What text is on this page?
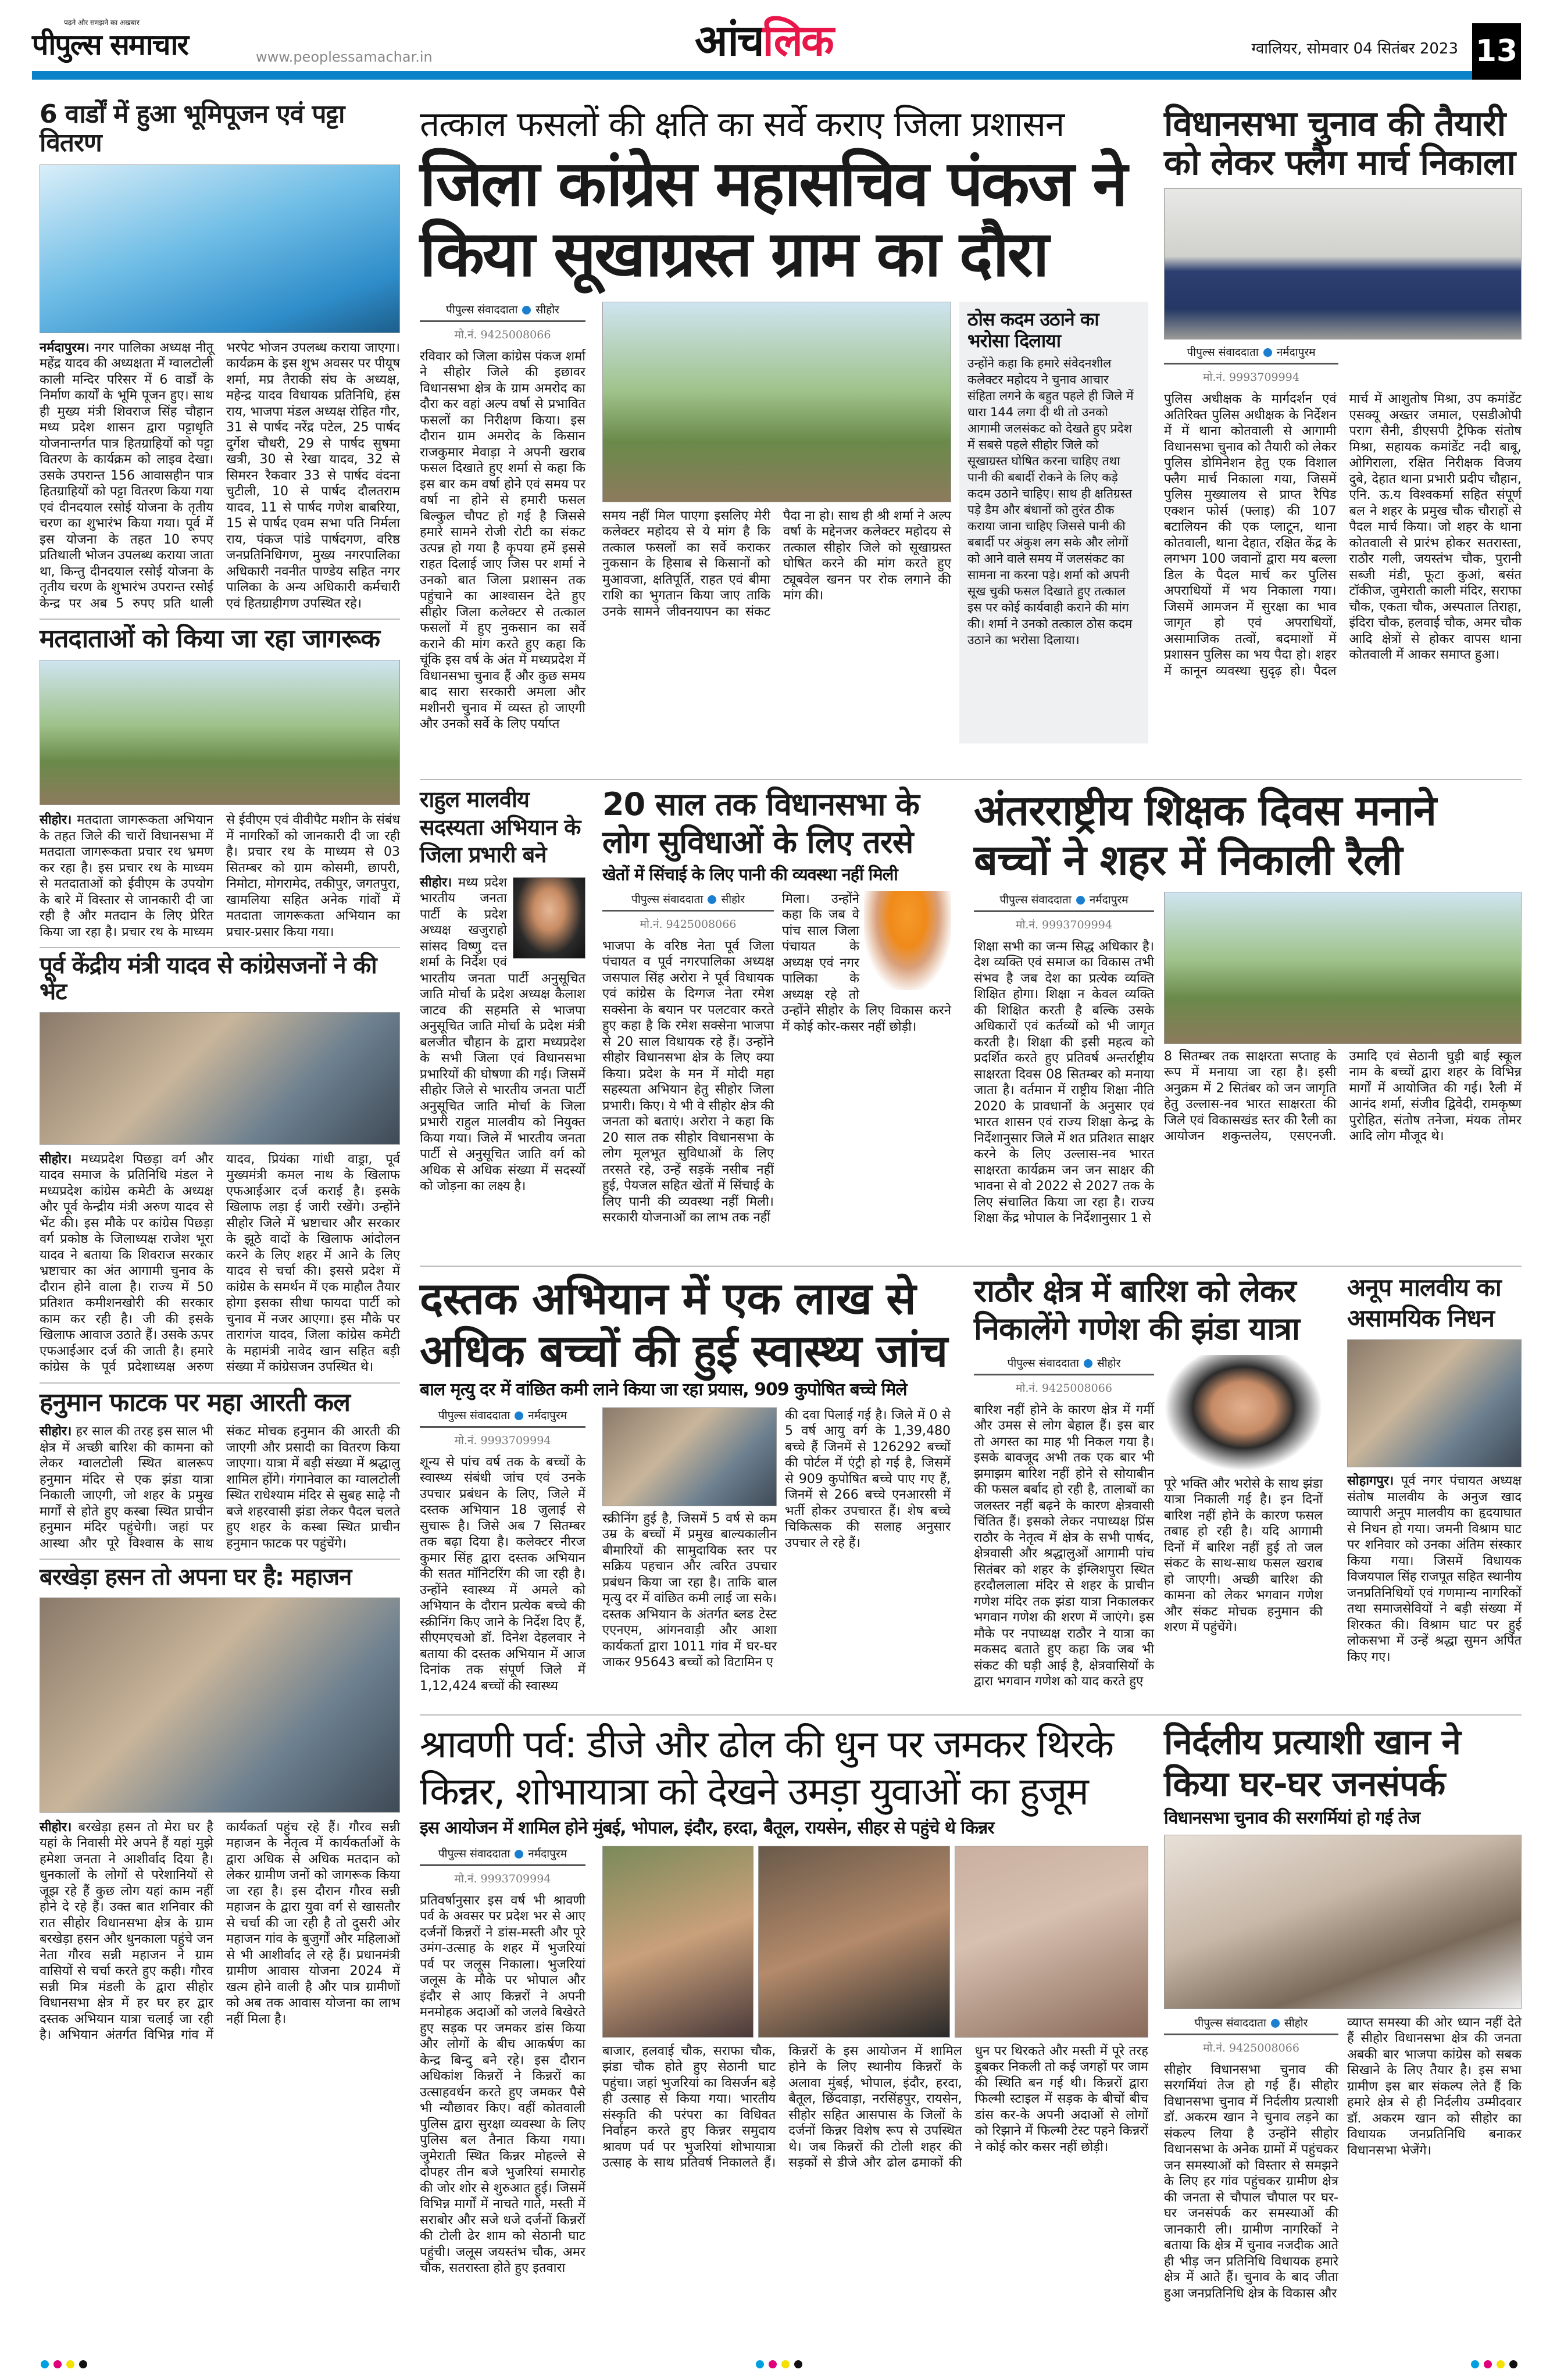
पढ़ने और समझने का अखबार
पीपुल्स समाचार	www.peoplessamachar.in	आंचलिक	ग्वालियर, सोमवार 04 सितंबर 2023 13
6 वार्डों में हुआ भूमिपूजन एवं पट्टा वितरण
नर्मदापुरम। नगर पालिका अध्यक्ष नीतू महेंद्र यादव की अध्यक्षता में ग्वालटोली काली मन्दिर परिसर में 6 वार्डों के निर्माण कार्यों के भूमि पूजन हुए। साथ ही मुख्य मंत्री शिवराज सिंह चौहान मध्य प्रदेश शासन द्वारा पट्टाधृति योजनान्तर्गत पात्र हितग्राहियों को पट्टा वितरण के कार्यक्रम को लाइव देखा। उसके उपरान्त 156 आवासहीन पात्र हितग्राहियों को पट्टा वितरण किया गया एवं दीनदयाल रसोई योजना के तृतीय चरण का शुभारंभ किया गया। पूर्व में इस योजना के तहत 10 रुपए प्रतिथाली भोजन उपलब्ध कराया जाता था, किन्तु दीनदयाल रसोई योजना के तृतीय चरण के शुभारंभ उपरान्त रसोई केन्द्र पर अब 5 रुपए प्रति थाली भरपेट भोजन उपलब्ध कराया जाएगा। कार्यक्रम के इस शुभ अवसर पर पीयूष शर्मा, मप्र तैराकी संघ के अध्यक्ष, महेन्द्र यादव विधायक प्रतिनिधि, हंस राय, भाजपा मंडल अध्यक्ष रोहित गौर, 31 से पार्षद नरेंद्र पटेल, 25 पार्षद दुर्गेश चौधरी, 29 से पार्षद सुषमा खत्री, 30 से रेखा यादव, 32 से सिमरन रैकवार 33 से पार्षद वंदना चुटीली, 10 से पार्षद दौलतराम यादव, 11 से पार्षद गणेश बाबरिया, 15 से पार्षद एवम सभा पति निर्मला राय, पंकज पांडे पार्षदगण, वरिष्ठ जनप्रतिनिधिगण, मुख्य नगरपालिका अधिकारी नवनीत पाण्डेय सहित नगर पालिका के अन्य अधिकारी कर्मचारी एवं हितग्राहीगण उपस्थित रहे।
मतदाताओं को किया जा रहा जागरूक
सीहोर। मतदाता जागरूकता अभियान के तहत जिले की चारों विधानसभा में मतदाता जागरूकता प्रचार रथ भ्रमण कर रहा है। इस प्रचार रथ के माध्यम से मतदाताओं को ईवीएम के उपयोग के बारे में विस्तार से जानकारी दी जा रही है और मतदान के लिए प्रेरित किया जा रहा है। प्रचार रथ के माध्यम से ईवीएम एवं वीवीपैट मशीन के संबंध में नागरिकों को जानकारी दी जा रही है। प्रचार रथ के माध्यम से 03 सितम्बर को ग्राम कोसमी, छापरी, निमोटा, मोगरामेद, तकीपुर, जगतपुरा, खामलिया सहित अनेक गांवों में मतदाता जागरूकता अभियान का प्रचार-प्रसार किया गया।
पूर्व केंद्रीय मंत्री यादव से कांग्रेसजनों ने की भेंट
सीहोर। मध्यप्रदेश पिछड़ा वर्ग और यादव समाज के प्रतिनिधि मंडल ने मध्यप्रदेश कांग्रेस कमेटी के अध्यक्ष और पूर्व केन्द्रीय मंत्री अरुण यादव से भेंट की। इस मौके पर कांग्रेस पिछड़ा वर्ग प्रकोष्ठ के जिलाध्यक्ष राजेश भूरा यादव ने बताया कि शिवराज सरकार भ्रष्टाचार का अंत आगामी चुनाव के दौरान होने वाला है। राज्य में 50 प्रतिशत कमीशनखोरी की सरकार काम कर रही है। जी की इसके खिलाफ आवाज उठाते हैं। उसके ऊपर एफआईआर दर्ज की जाती है। हमारे कांग्रेस के पूर्व प्रदेशाध्यक्ष अरुण यादव, प्रियंका गांधी वाड्रा, पूर्व मुख्यमंत्री कमल नाथ के खिलाफ एफआईआर दर्ज कराई है। इसके खिलाफ लड़ा ई जारी रखेंगे। उन्होंने सीहोर जिले में भ्रष्टाचार और सरकार के झूठे वादों के खिलाफ आंदोलन करने के लिए शहर में आने के लिए यादव से चर्चा की। इससे प्रदेश में कांग्रेस के समर्थन में एक माहौल तैयार होगा इसका सीधा फायदा पार्टी को चुनाव में नजर आएगा। इस मौके पर तारागंज यादव, जिला कांग्रेस कमेटी के महामंत्री नावेद खान सहित बड़ी संख्या में कांग्रेसजन उपस्थित थे।
हनुमान फाटक पर महा आरती कल
सीहोर। हर साल की तरह इस साल भी क्षेत्र में अच्छी बारिश की कामना को लेकर ग्वालटोली स्थित बालरूप हनुमान मंदिर से एक झंडा यात्रा निकाली जाएगी, जो शहर के प्रमुख मार्गों से होते हुए कस्बा स्थित प्राचीन हनुमान मंदिर पहुंचेगी। जहां पर आस्था और पूरे विश्वास के साथ संकट मोचक हनुमान की आरती की जाएगी और प्रसादी का वितरण किया जाएगा। यात्रा में बड़ी संख्या में श्रद्धालु शामिल होंगे। गंगानेवाल का ग्वालटोली स्थित राधेश्याम मंदिर से सुबह साढ़े नौ बजे शहरवासी झंडा लेकर पैदल चलते हुए शहर के कस्बा स्थित प्राचीन हनुमान फाटक पर पहुंचेंगे।
बरखेड़ा हसन तो अपना घर है: महाजन
सीहोर। बरखेड़ा हसन तो मेरा घर है यहां के निवासी मेरे अपने हैं यहां मुझे हमेशा जनता ने आशीर्वाद दिया है। धुनकालों के लोगों से परेशानियों से जूझ रहे हैं कुछ लोग यहां काम नहीं होने दे रहे हैं। उक्त बात शनिवार की रात सीहोर विधानसभा क्षेत्र के ग्राम बरखेड़ा हसन और धुनकाला पहुंचे जन नेता गौरव सन्नी महाजन ने ग्राम वासियों से चर्चा करते हुए कही। गौरव सन्नी मित्र मंडली के द्वारा सीहोर विधानसभा क्षेत्र में हर घर हर द्वार दस्तक अभियान यात्रा चलाई जा रही है। अभियान अंतर्गत विभिन्न गांव में कार्यकर्ता पहुंच रहे हैं। गौरव सन्नी महाजन के नेतृत्व में कार्यकर्ताओं के द्वारा अधिक से अधिक मतदान को लेकर ग्रामीण जनों को जागरूक किया जा रहा है। इस दौरान गौरव सन्नी महाजन के द्वारा युवा वर्ग से खासतौर से चर्चा की जा रही है तो दुसरी ओर महाजन गांव के बुजुर्गों और महिलाओं से भी आशीर्वाद ले रहे हैं। प्रधानमंत्री ग्रामीण आवास योजना 2024 में खत्म होने वाली है और पात्र ग्रामीणों को अब तक आवास योजना का लाभ नहीं मिला है।
तत्काल फसलों की क्षति का सर्वे कराए जिला प्रशासन
जिला कांग्रेस महासचिव पंकज ने किया सूखाग्रस्त ग्राम का दौरा
पीपुल्स संवाददाता सीहोर
मो.नं. 9425008066
रविवार को जिला कांग्रेस पंकज शर्मा ने सीहोर जिले की इछावर विधानसभा क्षेत्र के ग्राम अमरोद का दौरा कर वहां अल्प वर्षा से प्रभावित फसलों का निरीक्षण किया। इस दौरान ग्राम अमरोद के किसान राजकुमार मेवाड़ा ने अपनी खराब फसल दिखाते हुए शर्मा से कहा कि इस बार कम वर्षा होने एवं समय पर वर्षा ना होने से हमारी फसल बिल्कुल चौपट हो गई है जिससे हमारे सामने रोजी रोटी का संकट उत्पन्न हो गया है कृपया हमें इससे राहत दिलाई जाए जिस पर शर्मा ने उनको बात जिला प्रशासन तक पहुंचाने का आश्वासन देते हुए सीहोर जिला कलेक्टर से तत्काल फसलों में हुए नुकसान का सर्वे कराने की मांग करते हुए कहा कि चूंकि इस वर्ष के अंत में मध्यप्रदेश में विधानसभा चुनाव हैं और कुछ समय बाद सारा सरकारी अमला और मशीनरी चुनाव में व्यस्त हो जाएगी और उनको सर्वे के लिए पर्याप्त
समय नहीं मिल पाएगा इसलिए मेरी कलेक्टर महोदय से ये मांग है कि तत्काल फसलों का सर्वे कराकर नुकसान के हिसाब से किसानों को मुआवजा, क्षतिपूर्ति, राहत एवं बीमा राशि का भुगतान किया जाए ताकि उनके सामने जीवनयापन का संकट पैदा ना हो। साथ ही श्री शर्मा ने अल्प वर्षा के मद्देनजर कलेक्टर महोदय से तत्काल सीहोर जिले को सूखाग्रस्त घोषित करने की मांग करते हुए ट्यूबवेल खनन पर रोक लगाने की मांग की।
ठोस कदम उठाने का भरोसा दिलाया
उन्होंने कहा कि हमारे संवेदनशील कलेक्टर महोदय ने चुनाव आचार संहिता लगने के बहुत पहले ही जिले में धारा 144 लगा दी थी तो उनको आगामी जलसंकट को देखते हुए प्रदेश में सबसे पहले सीहोर जिले को सूखाग्रस्त घोषित करना चाहिए तथा पानी की बबार्दी रोकने के लिए कड़े कदम उठाने चाहिए। साथ ही क्षतिग्रस्त पड़े डैम और बंधानों को तुरंत ठीक कराया जाना चाहिए जिससे पानी की बबार्दी पर अंकुश लग सके और लोगों को आने वाले समय में जलसंकट का सामना ना करना पड़े। शर्मा को अपनी सूख चुकी फसल दिखाते हुए तत्काल इस पर कोई कार्यवाही कराने की मांग की। शर्मा ने उनको तत्काल ठोस कदम उठाने का भरोसा दिलाया।
विधानसभा चुनाव की तैयारी को लेकर फ्लैग मार्च निकाला
पीपुल्स संवाददाता नर्मदापुरम
मो.नं. 9993709994
पुलिस अधीक्षक के मार्गदर्शन एवं अतिरिक्त पुलिस अधीक्षक के निर्देशन में में थाना कोतवाली से आगामी विधानसभा चुनाव को तैयारी को लेकर पुलिस डोमिनेशन हेतु एक विशाल फ्लैग मार्च निकाला गया, जिसमें पुलिस मुख्यालय से प्राप्त रैपिड एक्शन फोर्स (फ्लाइ) की 107 बटालियन की एक प्लाटून, थाना कोतवाली, थाना देहात, रक्षित केंद्र के लगभग 100 जवानों द्वारा मय बल्ला डिल के पैदल मार्च कर पुलिस अपराधियों में भय निकाला गया। जिसमें आमजन में सुरक्षा का भाव जागृत हो एवं अपराधियों, असामाजिक तत्वों, बदमाशों में प्रशासन पुलिस का भय पैदा हो। शहर में कानून व्यवस्था सुदृढ़ हो। पैदल मार्च में आशुतोष मिश्रा, उप कमांडेंट एसक्यू अख्तर जमाल, एसडीओपी पराग सैनी, डीएसपी ट्रैफिक संतोष मिश्रा, सहायक कमांडेंट नदी बाबू, ओगिराला, रक्षित निरीक्षक विजय दुबे, देहात थाना प्रभारी प्रदीप चौहान, एनि. ऊ.य विश्वकर्मा सहित संपूर्ण बल ने शहर के प्रमुख चौक चौराहों से पैदल मार्च किया। जो शहर के थाना कोतवाली से प्रारंभ होकर सतरास्ता, राठौर गली, जयस्तंभ चौक, पुरानी सब्जी मंडी, फूटा कुआं, बसंत टॉकीज, जुमेराती काली मंदिर, सराफा चौक, एकता चौक, अस्पताल तिराहा, इंदिरा चौक, हलवाई चौक, अमर चौक आदि क्षेत्रों से होकर वापस थाना कोतवाली में आकर समाप्त हुआ।
राहुल मालवीय सदस्यता अभियान के जिला प्रभारी बने
सीहोर। मध्य प्रदेश भारतीय जनता पार्टी के प्रदेश अध्यक्ष खजुराहो सांसद विष्णु दत्त शर्मा के निर्देश एवं भारतीय जनता पार्टी अनुसूचित जाति मोर्चा के प्रदेश अध्यक्ष कैलाश जाटव की सहमति से भाजपा अनुसूचित जाति मोर्चा के प्रदेश मंत्री बलजीत चौहान के द्वारा मध्यप्रदेश के सभी जिला एवं विधानसभा प्रभारियों की घोषणा की गई। जिसमें सीहोर जिले से भारतीय जनता पार्टी अनुसूचित जाति मोर्चा के जिला प्रभारी राहुल मालवीय को नियुक्त किया गया। जिले में भारतीय जनता पार्टी से अनुसूचित जाति वर्ग को अधिक से अधिक संख्या में सदस्यों को जोड़ना का लक्ष्य है।
20 साल तक विधानसभा के लोग सुविधाओं के लिए तरसे
खेतों में सिंचाई के लिए पानी की व्यवस्था नहीं मिली
पीपुल्स संवाददाता सीहोर
मो.नं. 9425008066
भाजपा के वरिष्ठ नेता पूर्व जिला पंचायत व पूर्व नगरपालिका अध्यक्ष जसपाल सिंह अरोरा ने पूर्व विधायक एवं कांग्रेस के दिग्गज नेता रमेश सक्सेना के बयान पर पलटवार करते हुए कहा है कि रमेश सक्सेना भाजपा से 20 साल विधायक रहे हैं। उन्होंने सीहोर विधानसभा क्षेत्र के लिए क्या किया। प्रदेश के मन में मोदी महा सहस्यता अभियान हेतु सीहोर जिला प्रभारी। किए। ये भी वे सीहोर क्षेत्र की जनता को बताएं। अरोरा ने कहा कि 20 साल तक सीहोर विधानसभा के लोग मूलभूत सुविधाओं के लिए तरसते रहे, उन्हें सड़कें नसीब नहीं हुई, पेयजल सहित खेतों में सिंचाई के लिए पानी की व्यवस्था नहीं मिली। सरकारी योजनाओं का लाभ तक नहीं
मिला। उन्होंने कहा कि जब वे पांच साल जिला पंचायत के अध्यक्ष एवं नगर पालिका के अध्यक्ष रहे तो उन्होंने सीहोर के लिए विकास करने में कोई कोर-कसर नहीं छोड़ी।
अंतरराष्ट्रीय शिक्षक दिवस मनाने बच्चों ने शहर में निकाली रैली
पीपुल्स संवाददाता नर्मदापुरम
मो.नं. 9993709994
शिक्षा सभी का जन्म सिद्ध अधिकार है। देश व्यक्ति एवं समाज का विकास तभी संभव है जब देश का प्रत्येक व्यक्ति शिक्षित होगा। शिक्षा न केवल व्यक्ति की शिक्षित करती है बल्कि उसके अधिकारों एवं कर्तव्यों को भी जागृत करती है। शिक्षा की इसी महत्व को प्रदर्शित करते हुए प्रतिवर्ष अन्तर्राष्ट्रीय साक्षरता दिवस 08 सितम्बर को मनाया जाता है। वर्तमान में राष्ट्रीय शिक्षा नीति 2020 के प्रावधानों के अनुसार एवं भारत शासन एवं राज्य शिक्षा केन्द्र के निर्देशानुसार जिले में शत प्रतिशत साक्षर करने के लिए उल्लास-नव भारत साक्षरता कार्यक्रम जन जन साक्षर की भावना से वो 2022 से 2027 तक के लिए संचालित किया जा रहा है। राज्य शिक्षा केंद्र भोपाल के निर्देशानुसार 1 से
8 सितम्बर तक साक्षरता सप्ताह के रूप में मनाया जा रहा है। इसी अनुक्रम में 2 सितंबर को जन जागृति हेतु उल्लास-नव भारत साक्षरता की जिले एवं विकासखंड स्तर की रैली का आयोजन शकुन्तलेय, एसएनजी. उमादि एवं सेठानी घुड़ी बाई स्कूल नाम के बच्चों द्वारा शहर के विभिन्न मार्गों में आयोजित की गई। रैली में आनंद शर्मा, संजीव द्विवेदी, रामकृष्ण पुरोहित, संतोष तनेजा, मंयक तोमर आदि लोग मौजूद थे।
दस्तक अभियान में एक लाख से अधिक बच्चों की हुई स्वास्थ्य जांच
बाल मृत्यु दर में वांछित कमी लाने किया जा रहा प्रयास, 909 कुपोषित बच्चे मिले
पीपुल्स संवाददाता नर्मदापुरम
मो.नं. 9993709994
शून्य से पांच वर्ष तक के बच्चों के स्वास्थ्य संबंधी जांच एवं उनके उपचार प्रबंधन के लिए, जिले में दस्तक अभियान 18 जुलाई से सुचारू है। जिसे अब 7 सितम्बर तक बढ़ा दिया है। कलेक्टर नीरज कुमार सिंह द्वारा दस्तक अभियान की सतत मॉनिटरिंग की जा रही है। उन्होंने स्वास्थ्य में अमले को अभियान के दौरान प्रत्येक बच्चे की स्क्रीनिंग किए जाने के निर्देश दिए हैं, सीएमएचओ डॉ. दिनेश देहलवार ने बताया की दस्तक अभियान में आज दिनांक तक संपूर्ण जिले में 1,12,424 बच्चों की स्वास्थ्य
स्क्रीनिंग हुई है, जिसमें 5 वर्ष से कम उम्र के बच्चों में प्रमुख बाल्यकालीन बीमारियों की सामुदायिक स्तर पर सक्रिय पहचान और त्वरित उपचार प्रबंधन किया जा रहा है। ताकि बाल मृत्यु दर में वांछित कमी लाई जा सके। दस्तक अभियान के अंतर्गत ब्लड टेस्ट एएनएम, आंगनवाड़ी और आशा कार्यकर्ता द्वारा 1011 गांव में घर-घर जाकर 95643 बच्चों को विटामिन ए
की दवा पिलाई गई है। जिले में 0 से 5 वर्ष आयु वर्ग के 1,39,480 बच्चे हैं जिनमें से 126292 बच्चों की पोर्टल में एंट्री हो गई है, जिसमें से 909 कुपोषित बच्चे पाए गए हैं, जिनमें से 266 बच्चे एनआरसी में भर्ती होकर उपचारत हैं। शेष बच्चे चिकित्सक की सलाह अनुसार उपचार ले रहे हैं।
राठौर क्षेत्र में बारिश को लेकर निकालेंगे गणेश की झंडा यात्रा
पीपुल्स संवाददाता सीहोर
मो.नं. 9425008066
बारिश नहीं होने के कारण क्षेत्र में गर्मी और उमस से लोग बेहाल हैं। इस बार तो अगस्त का माह भी निकल गया है। इसके बावजूद अभी तक एक बार भी झमाझम बारिश नहीं होने से सोयाबीन की फसल बर्बाद हो रही है, तालाबों का जलस्तर नहीं बढ़ने के कारण क्षेत्रवासी चिंतित हैं। इसको लेकर नपाध्यक्ष प्रिंस राठौर के नेतृत्व में क्षेत्र के सभी पार्षद, क्षेत्रवासी और श्रद्धालुओं आगामी पांच सितंबर को शहर के इंग्लिशपुरा स्थित हरदौललाला मंदिर से शहर के प्राचीन गणेश मंदिर तक झंडा यात्रा निकालकर भगवान गणेश की शरण में जाएंगे। इस मौके पर नपाध्यक्ष राठौर ने यात्रा का मकसद बताते हुए कहा कि जब भी संकट की घड़ी आई है, क्षेत्रवासियों के द्वारा भगवान गणेश को याद करते हुए
पूरे भक्ति और भरोसे के साथ झंडा यात्रा निकाली गई है। इन दिनों बारिश नहीं होने के कारण फसल तबाह हो रही है। यदि आगामी दिनों में बारिश नहीं हुई तो जल संकट के साथ-साथ फसल खराब हो जाएगी। अच्छी बारिश की कामना को लेकर भगवान गणेश और संकट मोचक हनुमान की शरण में पहुंचेंगे।
अनूप मालवीय का असामयिक निधन
सोहागपुर। पूर्व नगर पंचायत अध्यक्ष संतोष मालवीय के अनुज खाद व्यापारी अनूप मालवीय का हृदयाघात से निधन हो गया। जमनी विश्राम घाट पर शनिवार को उनका अंतिम संस्कार किया गया। जिसमें विधायक विजयपाल सिंह राजपूत सहित स्थानीय जनप्रतिनिधियों एवं गणमान्य नागरिकों तथा समाजसेवियों ने बड़ी संख्या में शिरकत की। विश्राम घाट पर हुई लोकसभा में उन्हें श्रद्धा सुमन अर्पित किए गए।
श्रावणी पर्व: डीजे और ढोल की धुन पर जमकर थिरके किन्नर, शोभायात्रा को देखने उमड़ा युवाओं का हुजूम
इस आयोजन में शामिल होने मुंबई, भोपाल, इंदौर, हरदा, बैतूल, रायसेन, सीहर से पहुंचे थे किन्नर
पीपुल्स संवाददाता नर्मदापुरम
मो.नं. 9993709994
प्रतिवर्षानुसार इस वर्ष भी श्रावणी पर्व के अवसर पर प्रदेश भर से आए दर्जनों किन्नरों ने डांस-मस्ती और पूरे उमंग-उत्साह के शहर में भुजरियां पर्व पर जलूस निकाला। भुजरियां जलूस के मौके पर भोपाल और इंदौर से आए किन्नरों ने अपनी मनमोहक अदाओं को जलवे बिखेरते हुए सड़क पर जमकर डांस किया और लोगों के बीच आकर्षण का केन्द्र बिन्दु बने रहे। इस दौरान अधिकांश किन्नरों ने किन्नरों का उत्साहवर्धन करते हुए जमकर पैसे भी न्यौछावर किए। वहीं कोतवाली पुलिस द्वारा सुरक्षा व्यवस्था के लिए पुलिस बल तैनात किया गया। जुमेराती स्थित किन्नर मोहल्ले से दोपहर तीन बजे भुजरियां समारोह की जोर शोर से शुरुआत हुई। जिसमें विभिन्न मार्गों में नाचते गाते, मस्ती में सराबोर और सजे धजे दर्जनों किन्नरों की टोली ढेर शाम को सेठानी घाट पहुंची। जलूस जयस्तंभ चौक, अमर चौक, सतरास्ता होते हुए इतवारा
बाजार, हलवाई चौक, सराफा चौक, झंडा चौक होते हुए सेठानी घाट पहुंचा। जहां भुजरियां का विसर्जन बड़े ही उत्साह से किया गया। भारतीय संस्कृति की परंपरा का विधिवत निर्वाहन करते हुए किन्नर समुदाय श्रावण पर्व पर भुजरियां शोभायात्रा उत्साह के साथ प्रतिवर्ष निकालते हैं। किन्नरों के इस आयोजन में शामिल होने के लिए स्थानीय किन्नरों के अलावा मुंबई, भोपाल, इंदौर, हरदा, बैतूल, छिंदवाड़ा, नरसिंहपुर, रायसेन, सीहोर सहित आसपास के जिलों के दर्जनों किन्नर विशेष रूप से उपस्थित थे। जब किन्नरों की टोली शहर की सड़कों से डीजे और ढोल ढमाकों की धुन पर थिरकते और मस्ती में पूरे तरह डूबकर निकली तो कई जगहों पर जाम की स्थिति बन गई थी। किन्नरों द्वारा फिल्मी स्टाइल में सड़क के बीचों बीच डांस कर-के अपनी अदाओं से लोगों को रिझाने में फिल्मी टेस्ट पहने किन्नरों ने कोई कोर कसर नहीं छोड़ी।
निर्दलीय प्रत्याशी खान ने किया घर-घर जनसंपर्क
विधानसभा चुनाव की सरगर्मियां हो गई तेज
पीपुल्स संवाददाता सीहोर
मो.नं. 9425008066
सीहोर विधानसभा चुनाव की सरगर्मियां तेज हो गई हैं। सीहोर विधानसभा चुनाव में निर्दलीय प्रत्याशी डॉ. अकरम खान ने चुनाव लड़ने का संकल्प लिया है उन्होंने सीहोर विधानसभा के अनेक ग्रामों में पहुंचकर जन समस्याओं को विस्तार से समझने के लिए हर गांव पहुंचकर ग्रामीण क्षेत्र की जनता से चौपाल चौपाल पर घर-घर जनसंपर्क कर समस्याओं की जानकारी ली। ग्रामीण नागरिकों ने बताया कि क्षेत्र में चुनाव नजदीक आते ही भीड़ जन प्रतिनिधि विधायक हमारे क्षेत्र में आते हैं। चुनाव के बाद जीता हुआ जनप्रतिनिधि क्षेत्र के विकास और
व्याप्त समस्या की ओर ध्यान नहीं देते हैं सीहोर विधानसभा क्षेत्र की जनता अबकी बार भाजपा कांग्रेस को सबक सिखाने के लिए तैयार है। इस सभा ग्रामीण इस बार संकल्प लेते हैं कि हमारे क्षेत्र से ही निर्दलीय उम्मीदवार डॉ. अकरम खान को सीहोर का विधायक जनप्रतिनिधि बनाकर विधानसभा भेजेंगे।
